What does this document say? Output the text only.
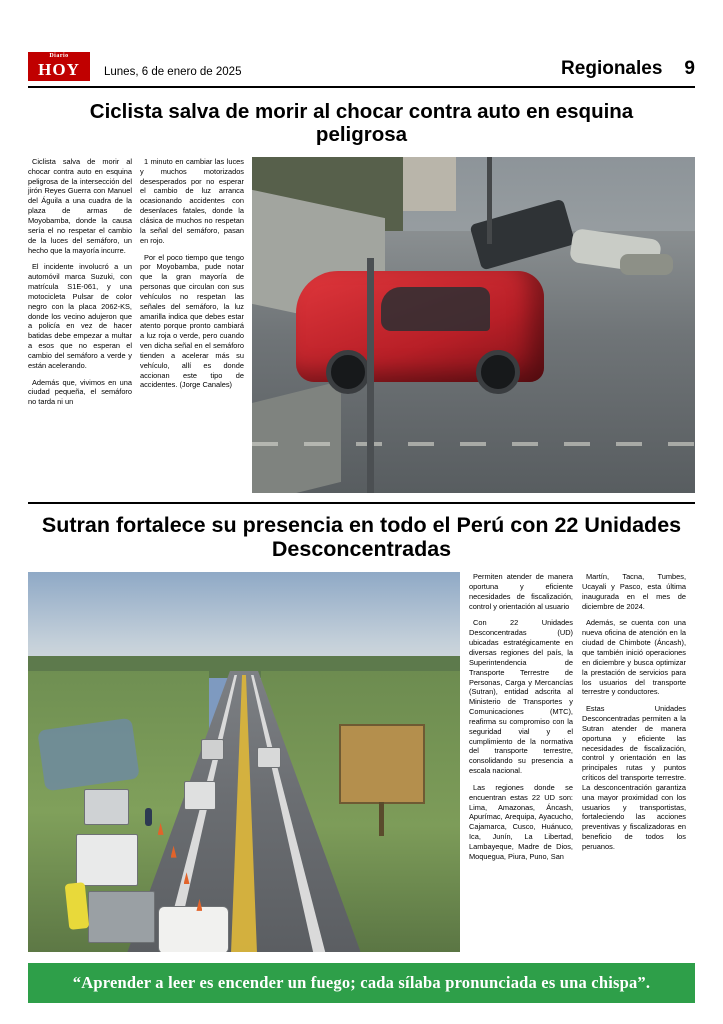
Diario
HOY	Lunes, 6 de enero de 2025	Regionales 9
Ciclista salva de morir al chocar contra auto en esquina peligrosa

Ciclista salva de morir al chocar contra auto en esquina peligrosa de la intersección del jirón Reyes Guerra con Manuel del Águila a una cuadra de la plaza de armas de Moyobamba, donde la causa sería el no respetar el cambio de la luces del semáforo, un hecho que la mayoría incurre.

El incidente involucró a un automóvil marca Suzuki, con matrícula S1E-061, y una motocicleta Pulsar de color negro con la placa 2062-KS, donde los vecino adujeron que a policía en vez de hacer batidas debe empezar a multar a esos que no esperan el cambio del semáforo a verde y están acelerando.

Además que, vivimos en una ciudad pequeña, el semáforo no tarda ni un

1 minuto en cambiar las luces y muchos motorizados desesperados por no esperar el cambio de luz arranca ocasionando accidentes con desenlaces fatales, donde la clásica de muchos no respetan la señal del semáforo, pasan en rojo.

Por el poco tiempo que tengo por Moyobamba, pude notar que la gran mayoría de personas que circulan con sus vehículos no respetan las señales del semáforo, la luz amarilla indica que debes estar atento porque pronto cambiará a luz roja o verde, pero cuando ven dicha señal en el semáforo tienden a acelerar más su vehículo, allí es donde accionan este tipo de accidentes. (Jorge Canales)

Sutran fortalece su presencia en todo el Perú con 22 Unidades Desconcentradas

Permiten atender de manera oportuna y eficiente necesidades de fiscalización, control y orientación al usuario

Con 22 Unidades Desconcentradas (UD) ubicadas estratégicamente en diversas regiones del país, la Superintendencia de Transporte Terrestre de Personas, Carga y Mercancías (Sutran), entidad adscrita al Ministerio de Transportes y Comunicaciones (MTC), reafirma su compromiso con la seguridad vial y el cumplimiento de la normativa del transporte terrestre, consolidando su presencia a escala nacional.

Las regiones donde se encuentran estas 22 UD son: Lima, Amazonas, Áncash, Apurímac, Arequipa, Ayacucho, Cajamarca, Cusco, Huánuco, Ica, Junín, La Libertad, Lambayeque, Madre de Dios, Moquegua, Piura, Puno, San

Martín, Tacna, Tumbes, Ucayali y Pasco, esta última inaugurada en el mes de diciembre de 2024.

Además, se cuenta con una nueva oficina de atención en la ciudad de Chimbote (Áncash), que también inició operaciones en diciembre y busca optimizar la prestación de servicios para los usuarios del transporte terrestre y conductores.

Estas Unidades Desconcentradas permiten a la Sutran atender de manera oportuna y eficiente las necesidades de fiscalización, control y orientación en las principales rutas y puntos críticos del transporte terrestre. La desconcentración garantiza una mayor proximidad con los usuarios y transportistas, fortaleciendo las acciones preventivas y fiscalizadoras en beneficio de todos los peruanos.

“Aprender a leer es encender un fuego; cada sílaba pronunciada es una chispa”.
